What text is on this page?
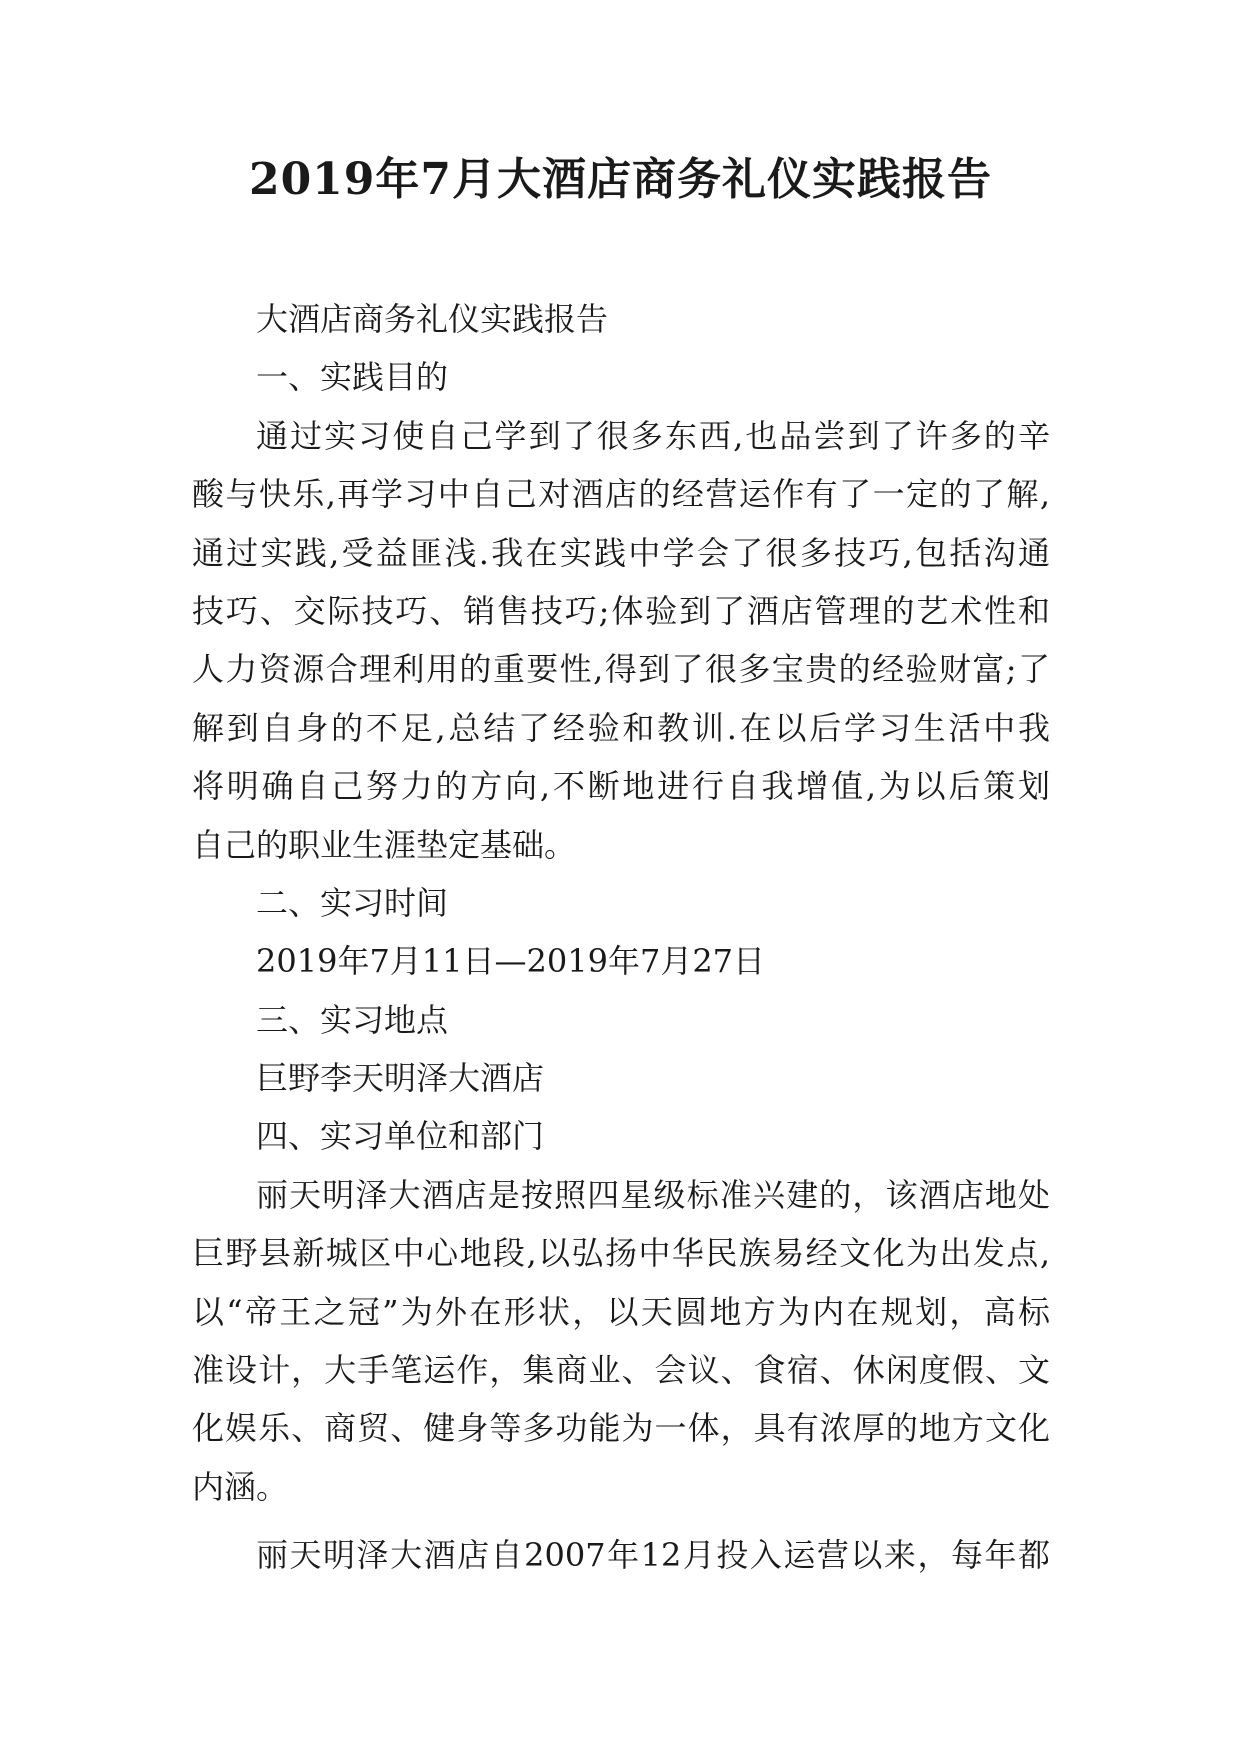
2019年7月大酒店商务礼仪实践报告
大酒店商务礼仪实践报告
一、实践目的
通过实习使自己学到了很多东西,也品尝到了许多的辛
酸与快乐,再学习中自己对酒店的经营运作有了一定的了解,
通过实践,受益匪浅.我在实践中学会了很多技巧,包括沟通
技巧、交际技巧、销售技巧;体验到了酒店管理的艺术性和
人力资源合理利用的重要性,得到了很多宝贵的经验财富;了
解到自身的不足,总结了经验和教训.在以后学习生活中我
将明确自己努力的方向,不断地进行自我增值,为以后策划
自己的职业生涯垫定基础。
二、实习时间
2019年7月11日—2019年7月27日
三、实习地点
巨野李天明泽大酒店
四、实习单位和部门
丽天明泽大酒店是按照四星级标准兴建的，该酒店地处
巨野县新城区中心地段,以弘扬中华民族易经文化为出发点,
以“帝王之冠”为外在形状，以天圆地方为内在规划，高标
准设计，大手笔运作，集商业、会议、食宿、休闲度假、文
化娱乐、商贸、健身等多功能为一体，具有浓厚的地方文化
内涵。
丽天明泽大酒店自2007年12月投入运营以来，每年都
